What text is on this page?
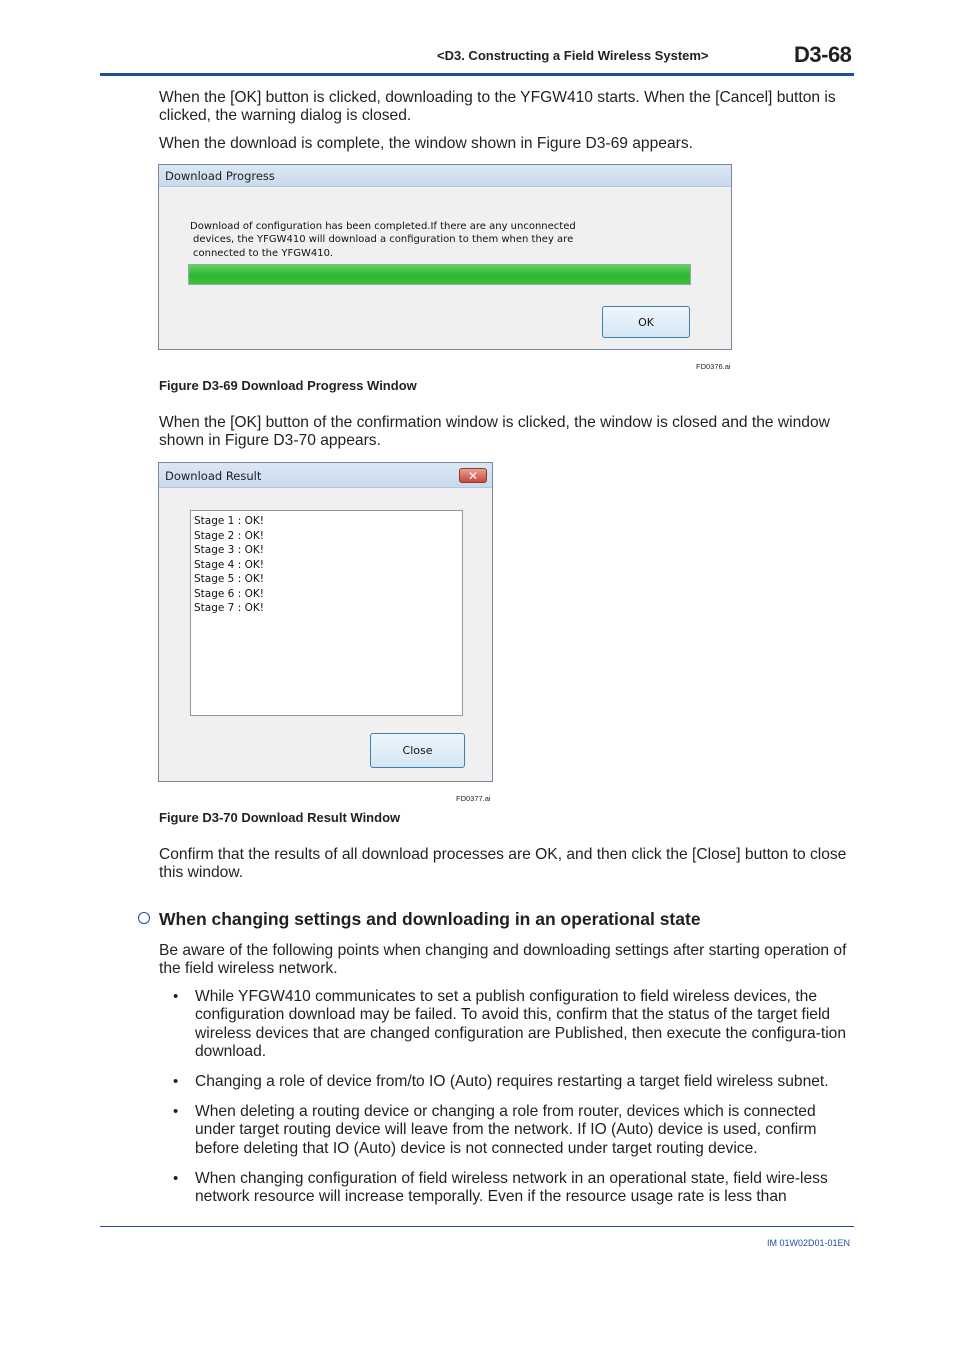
<D3. Constructing a Field Wireless System>	D3-68
When the [OK] button is clicked, downloading to the YFGW410 starts. When the [Cancel] button is clicked, the warning dialog is closed.
When the download is complete, the window shown in Figure D3-69 appears.
Download Progress
Download of configuration has been completed.If there are any unconnected
devices, the YFGW410 will download a configuration to them when they are
connected to the YFGW410.
OK
FD0376.ai
Figure D3-69 Download Progress Window
When the [OK] button of the confirmation window is clicked, the window is closed and the window shown in Figure D3-70 appears.
Download Result	✕
Stage 1 : OK!
Stage 2 : OK!
Stage 3 : OK!
Stage 4 : OK!
Stage 5 : OK!
Stage 6 : OK!
Stage 7 : OK!
Close
FD0377.ai
Figure D3-70 Download Result Window
Confirm that the results of all download processes are OK, and then click the [Close] button to close this window.
When changing settings and downloading in an operational state
Be aware of the following points when changing and downloading settings after starting operation of the field wireless network.
• While YFGW410 communicates to set a publish configuration to field wireless devices, the configuration download may be failed. To avoid this, confirm that the status of the target field wireless devices that are changed configuration are Published, then execute the configura-tion download.
• Changing a role of device from/to IO (Auto) requires restarting a target field wireless subnet.
• When deleting a routing device or changing a role from router, devices which is connected under target routing device will leave from the network. If IO (Auto) device is used, confirm before deleting that IO (Auto) device is not connected under target routing device.
• When changing configuration of field wireless network in an operational state, field wire-less network resource will increase temporally. Even if the resource usage rate is less than
IM 01W02D01-01EN
